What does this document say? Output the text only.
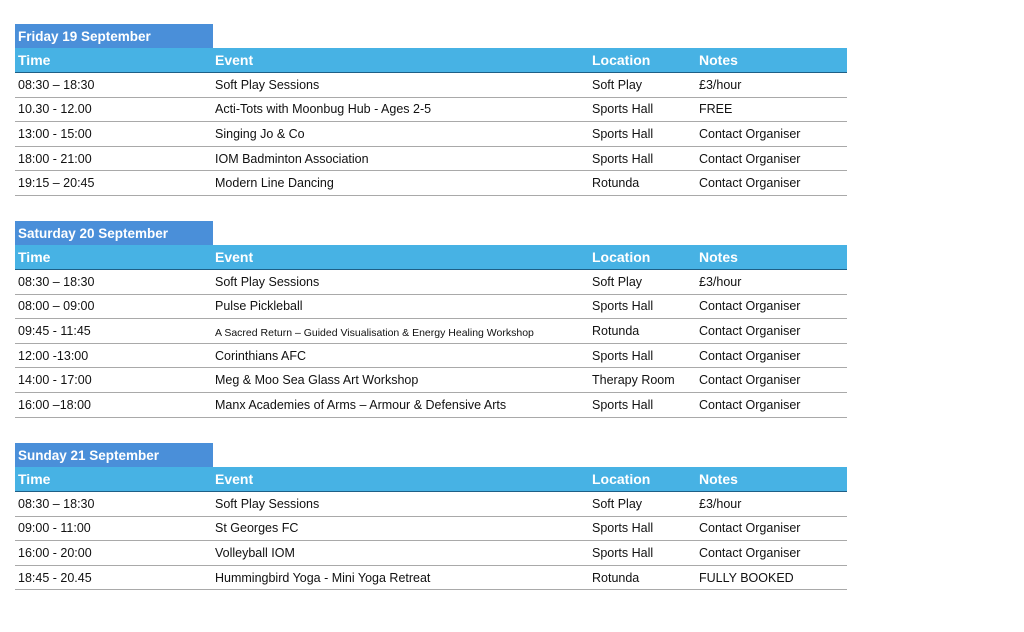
Friday 19 September
Time	Event	Location	Notes
08:30 – 18:30	Soft Play Sessions	Soft Play	£3/hour
10.30 - 12.00	Acti-Tots with Moonbug Hub - Ages 2-5	Sports Hall	FREE
13:00 - 15:00	Singing Jo & Co	Sports Hall	Contact Organiser
18:00 - 21:00	IOM Badminton Association	Sports Hall	Contact Organiser
19:15 – 20:45	Modern Line Dancing	Rotunda	Contact Organiser
Saturday 20 September
Time	Event	Location	Notes
08:30 – 18:30	Soft Play Sessions	Soft Play	£3/hour
08:00 – 09:00	Pulse Pickleball	Sports Hall	Contact Organiser
09:45 - 11:45	A Sacred Return – Guided Visualisation & Energy Healing Workshop	Rotunda	Contact Organiser
12:00 -13:00	Corinthians AFC	Sports Hall	Contact Organiser
14:00 - 17:00	Meg & Moo Sea Glass Art Workshop	Therapy Room	Contact Organiser
16:00 –18:00	Manx Academies of Arms – Armour & Defensive Arts	Sports Hall	Contact Organiser
Sunday 21 September
Time	Event	Location	Notes
08:30 – 18:30	Soft Play Sessions	Soft Play	£3/hour
09:00 - 11:00	St Georges FC	Sports Hall	Contact Organiser
16:00 - 20:00	Volleyball IOM	Sports Hall	Contact Organiser
18:45 - 20.45	Hummingbird Yoga - Mini Yoga Retreat	Rotunda	FULLY BOOKED
